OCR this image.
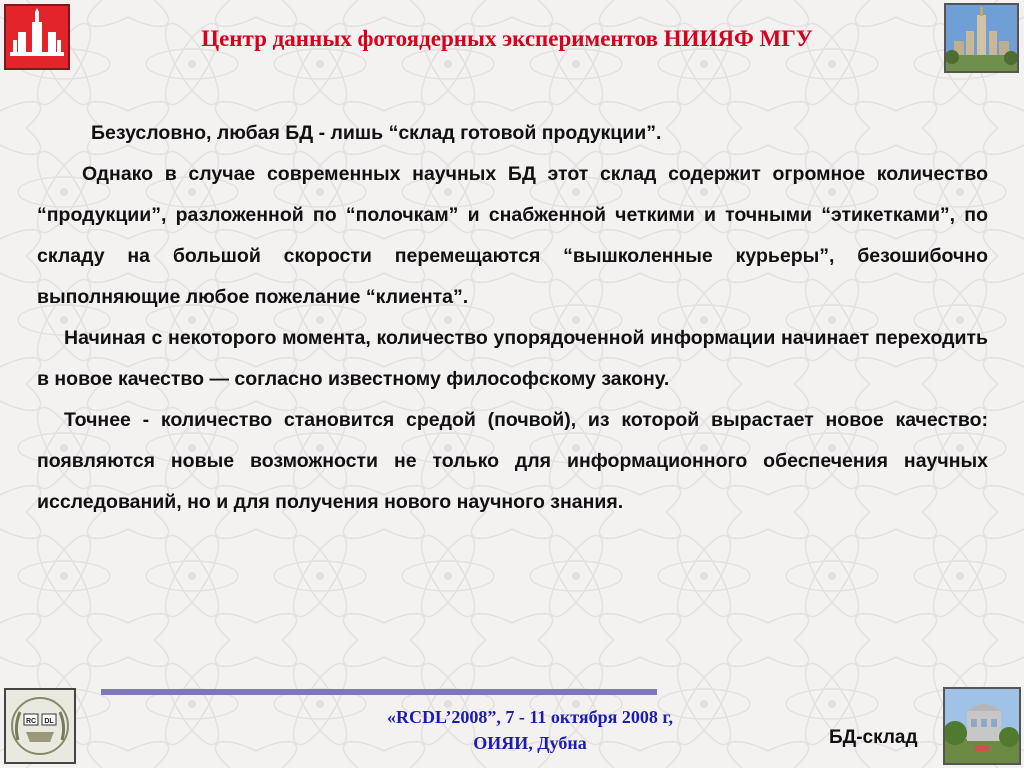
Центр данных фотоядерных экспериментов НИИЯФ МГУ

Безусловно, любая БД - лишь “склад готовой продукции”.

Однако в случае современных научных БД этот склад содержит огромное количество “продукции”, разложенной по “полочкам” и снабженной четкими и точными “этикетками”, по складу на большой скорости перемещаются “вышколенные курьеры”, безошибочно выполняющие любое пожелание “клиента”.

Начиная с некоторого момента, количество упорядоченной информации начинает переходить в новое качество — согласно известному философскому закону.

Точнее - количество становится средой (почвой), из которой вырастает новое качество: появляются новые возможности не только для информационного обеспечения научных исследований, но и для получения нового научного знания.

RC DL	«RCDL’2008”, 7 - 11 октября 2008 г,
ОИЯИ, Дубна	БД-склад
